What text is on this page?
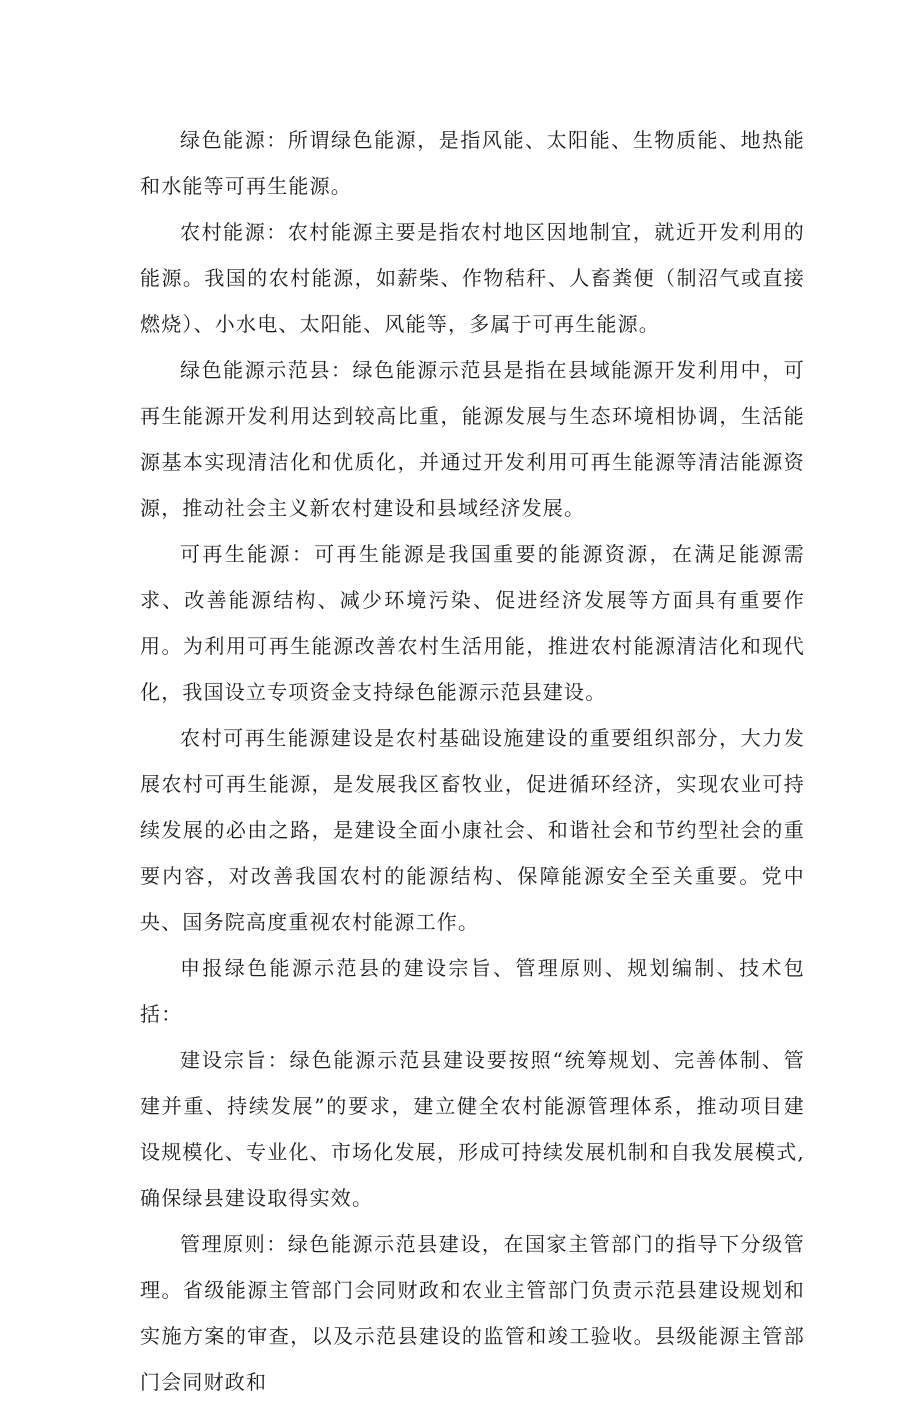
绿色能源：所谓绿色能源，是指风能、太阳能、生物质能、地热能和水能等可再生能源。

农村能源：农村能源主要是指农村地区因地制宜，就近开发利用的能源。我国的农村能源，如薪柴、作物秸秆、人畜粪便（制沼气或直接燃烧）、小水电、太阳能、风能等，多属于可再生能源。

绿色能源示范县：绿色能源示范县是指在县域能源开发利用中，可再生能源开发利用达到较高比重，能源发展与生态环境相协调，生活能源基本实现清洁化和优质化，并通过开发利用可再生能源等清洁能源资源，推动社会主义新农村建设和县域经济发展。

可再生能源：可再生能源是我国重要的能源资源，在满足能源需求、改善能源结构、减少环境污染、促进经济发展等方面具有重要作用。为利用可再生能源改善农村生活用能，推进农村能源清洁化和现代化，我国设立专项资金支持绿色能源示范县建设。

农村可再生能源建设是农村基础设施建设的重要组织部分，大力发展农村可再生能源，是发展我区畜牧业，促进循环经济，实现农业可持续发展的必由之路，是建设全面小康社会、和谐社会和节约型社会的重要内容，对改善我国农村的能源结构、保障能源安全至关重要。党中央、国务院高度重视农村能源工作。

申报绿色能源示范县的建设宗旨、管理原则、规划编制、技术包括：

建设宗旨：绿色能源示范县建设要按照“统筹规划、完善体制、管建并重、持续发展”的要求，建立健全农村能源管理体系，推动项目建设规模化、专业化、市场化发展，形成可持续发展机制和自我发展模式,确保绿县建设取得实效。

管理原则：绿色能源示范县建设，在国家主管部门的指导下分级管理。省级能源主管部门会同财政和农业主管部门负责示范县建设规划和实施方案的审查，以及示范县建设的监管和竣工验收。县级能源主管部门会同财政和
